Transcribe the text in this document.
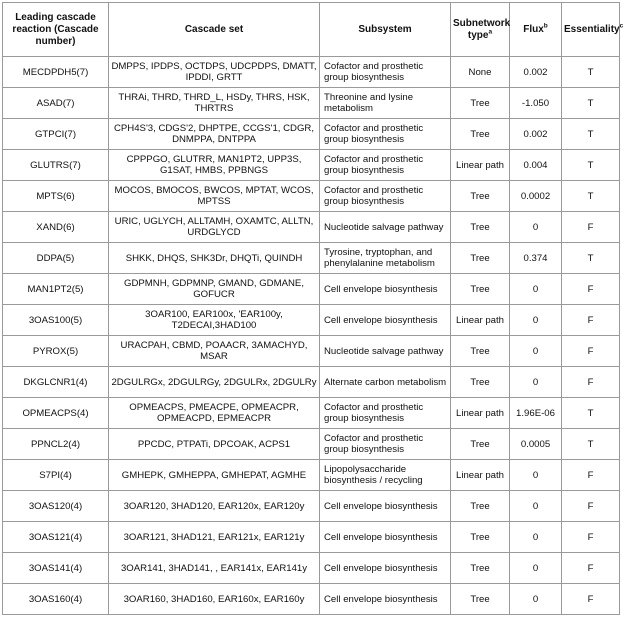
Leading cascade reaction (Cascade number)	Cascade set	Subsystem	Subnetwork type$^a$	Flux$^b$	Essentiality$^c$
MECDPDH5(7)	DMPPS, IPDPS, OCTDPS, UDCPDPS, DMATT, IPDDI, GRTT	Cofactor and prosthetic group biosynthesis	None	0.002	T
ASAD(7)	THRAi, THRD, THRD_L, HSDy, THRS, HSK, THRTRS	Threonine and lysine metabolism	Tree	-1.050	T
GTPCI(7)	CPH4S'3, CDGS'2, DHPTPE, CCGS'1, CDGR, DNMPPA, DNTPPA	Cofactor and prosthetic group biosynthesis	Tree	0.002	T
GLUTRS(7)	CPPPGO, GLUTRR, MAN1PT2, UPP3S, G1SAT, HMBS, PPBNGS	Cofactor and prosthetic group biosynthesis	Linear path	0.004	T
MPTS(6)	MOCOS, BMOCOS, BWCOS, MPTAT, WCOS, MPTSS	Cofactor and prosthetic group biosynthesis	Tree	0.0002	T
XAND(6)	URIC, UGLYCH, ALLTAMH, OXAMTC, ALLTN, URDGLYCD	Nucleotide salvage pathway	Tree	0	F
DDPA(5)	SHKK, DHQS, SHK3Dr, DHQTi, QUINDH	Tyrosine, tryptophan, and phenylalanine metabolism	Tree	0.374	T
MAN1PT2(5)	GDPMNH, GDPMNP, GMAND, GDMANE, GOFUCR	Cell envelope biosynthesis	Tree	0	F
3OAS100(5)	3OAR100, EAR100x, 'EAR100y, T2DECAI,3HAD100	Cell envelope biosynthesis	Linear path	0	F
PYROX(5)	URACPAH, CBMD, POAACR, 3AMACHYD, MSAR	Nucleotide salvage pathway	Tree	0	F
DKGLCNR1(4)	2DGULRGx, 2DGULRGy, 2DGULRx, 2DGULRy	Alternate carbon metabolism	Tree	0	F
OPMEACPS(4)	OPMEACPS, PMEACPE, OPMEACPR, OPMEACPD, EPMEACPR	Cofactor and prosthetic group biosynthesis	Linear path	1.96E-06	T
PPNCL2(4)	PPCDC, PTPATi, DPCOAK, ACPS1	Cofactor and prosthetic group biosynthesis	Tree	0.0005	T
S7PI(4)	GMHEPK, GMHEPPA, GMHEPAT, AGMHE	Lipopolysaccharide biosynthesis / recycling	Linear path	0	F
3OAS120(4)	3OAR120, 3HAD120, EAR120x, EAR120y	Cell envelope biosynthesis	Tree	0	F
3OAS121(4)	3OAR121, 3HAD121, EAR121x, EAR121y	Cell envelope biosynthesis	Tree	0	F
3OAS141(4)	3OAR141, 3HAD141, , EAR141x, EAR141y	Cell envelope biosynthesis	Tree	0	F
3OAS160(4)	3OAR160, 3HAD160, EAR160x, EAR160y	Cell envelope biosynthesis	Tree	0	F
